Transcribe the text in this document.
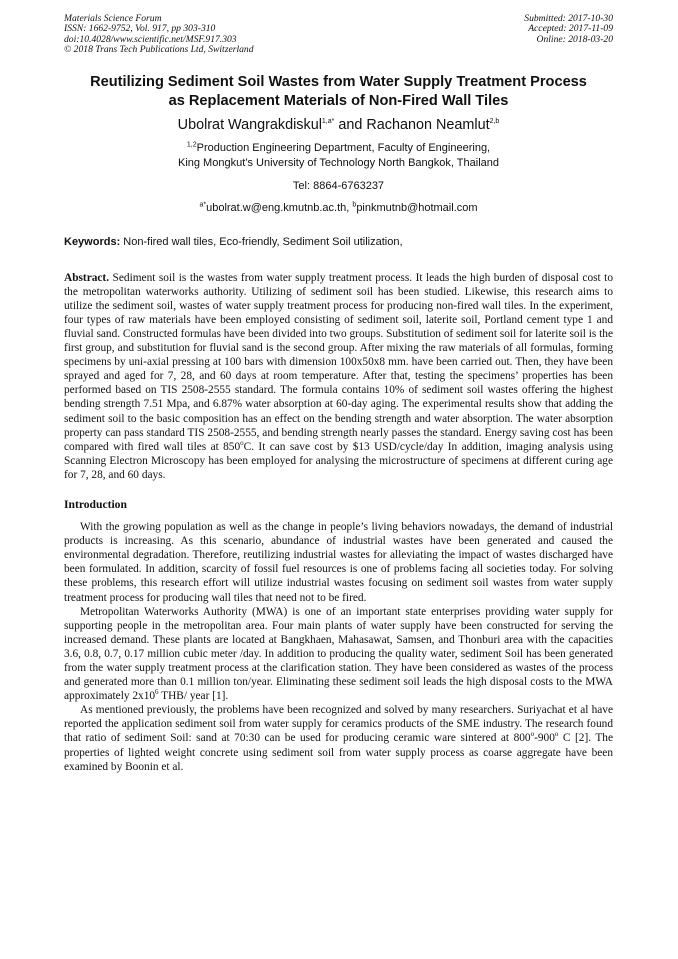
Materials Science Forum
ISSN: 1662-9752, Vol. 917, pp 303-310
doi:10.4028/www.scientific.net/MSF.917.303
© 2018 Trans Tech Publications Ltd, Switzerland
Submitted: 2017-10-30
Accepted: 2017-11-09
Online: 2018-03-20
Reutilizing Sediment Soil Wastes from Water Supply Treatment Process
as Replacement Materials of Non-Fired Wall Tiles
Ubolrat Wangrakdiskul$^{1,a*}$ and Rachanon Neamlut$^{2,b}$
$^{1,2}$Production Engineering Department, Faculty of Engineering,
King Mongkut’s University of Technology North Bangkok, Thailand
Tel: 8864-6763237
$^{a*}$ubolrat.w@eng.kmutnb.ac.th, $^b$pinkmutnb@hotmail.com
Keywords: Non-fired wall tiles, Eco-friendly, Sediment Soil utilization,
Abstract. Sediment soil is the wastes from water supply treatment process. It leads the high burden of disposal cost to the metropolitan waterworks authority. Utilizing of sediment soil has been studied. Likewise, this research aims to utilize the sediment soil, wastes of water supply treatment process for producing non-fired wall tiles. In the experiment, four types of raw materials have been employed consisting of sediment soil, laterite soil, Portland cement type 1 and fluvial sand. Constructed formulas have been divided into two groups. Substitution of sediment soil for laterite soil is the first group, and substitution for fluvial sand is the second group. After mixing the raw materials of all formulas, forming specimens by uni-axial pressing at 100 bars with dimension 100x50x8 mm. have been carried out. Then, they have been sprayed and aged for 7, 28, and 60 days at room temperature. After that, testing the specimens’ properties has been performed based on TIS 2508-2555 standard. The formula contains 10% of sediment soil wastes offering the highest bending strength 7.51 Mpa, and 6.87% water absorption at 60-day aging. The experimental results show that adding the sediment soil to the basic composition has an effect on the bending strength and water absorption. The water absorption property can pass standard TIS 2508-2555, and bending strength nearly passes the standard. Energy saving cost has been compared with fired wall tiles at 850$^o$C. It can save cost by $13 USD/cycle/day In addition, imaging analysis using Scanning Electron Microscopy has been employed for analysing the microstructure of specimens at different curing age for 7, 28, and 60 days.
Introduction
With the growing population as well as the change in people’s living behaviors nowadays, the demand of industrial products is increasing. As this scenario, abundance of industrial wastes have been generated and caused the environmental degradation. Therefore, reutilizing industrial wastes for alleviating the impact of wastes discharged have been formulated. In addition, scarcity of fossil fuel resources is one of problems facing all societies today. For solving these problems, this research effort will utilize industrial wastes focusing on sediment soil wastes from water supply treatment process for producing wall tiles that need not to be fired.
Metropolitan Waterworks Authority (MWA) is one of an important state enterprises providing water supply for supporting people in the metropolitan area. Four main plants of water supply have been constructed for serving the increased demand. These plants are located at Bangkhaen, Mahasawat, Samsen, and Thonburi area with the capacities 3.6, 0.8, 0.7, 0.17 million cubic meter /day. In addition to producing the quality water, sediment Soil has been generated from the water supply treatment process at the clarification station. They have been considered as wastes of the process and generated more than 0.1 million ton/year. Eliminating these sediment soil leads the high disposal costs to the MWA approximately $2x10^6$ THB/ year [1].
As mentioned previously, the problems have been recognized and solved by many researchers. Suriyachat et al have reported the application sediment soil from water supply for ceramics products of the SME industry. The research found that ratio of sediment Soil: sand at 70:30 can be used for producing ceramic ware sintered at 800$^o$-900$^o$ C [2]. The properties of lighted weight concrete using sediment soil from water supply process as coarse aggregate have been examined by Boonin et al.
